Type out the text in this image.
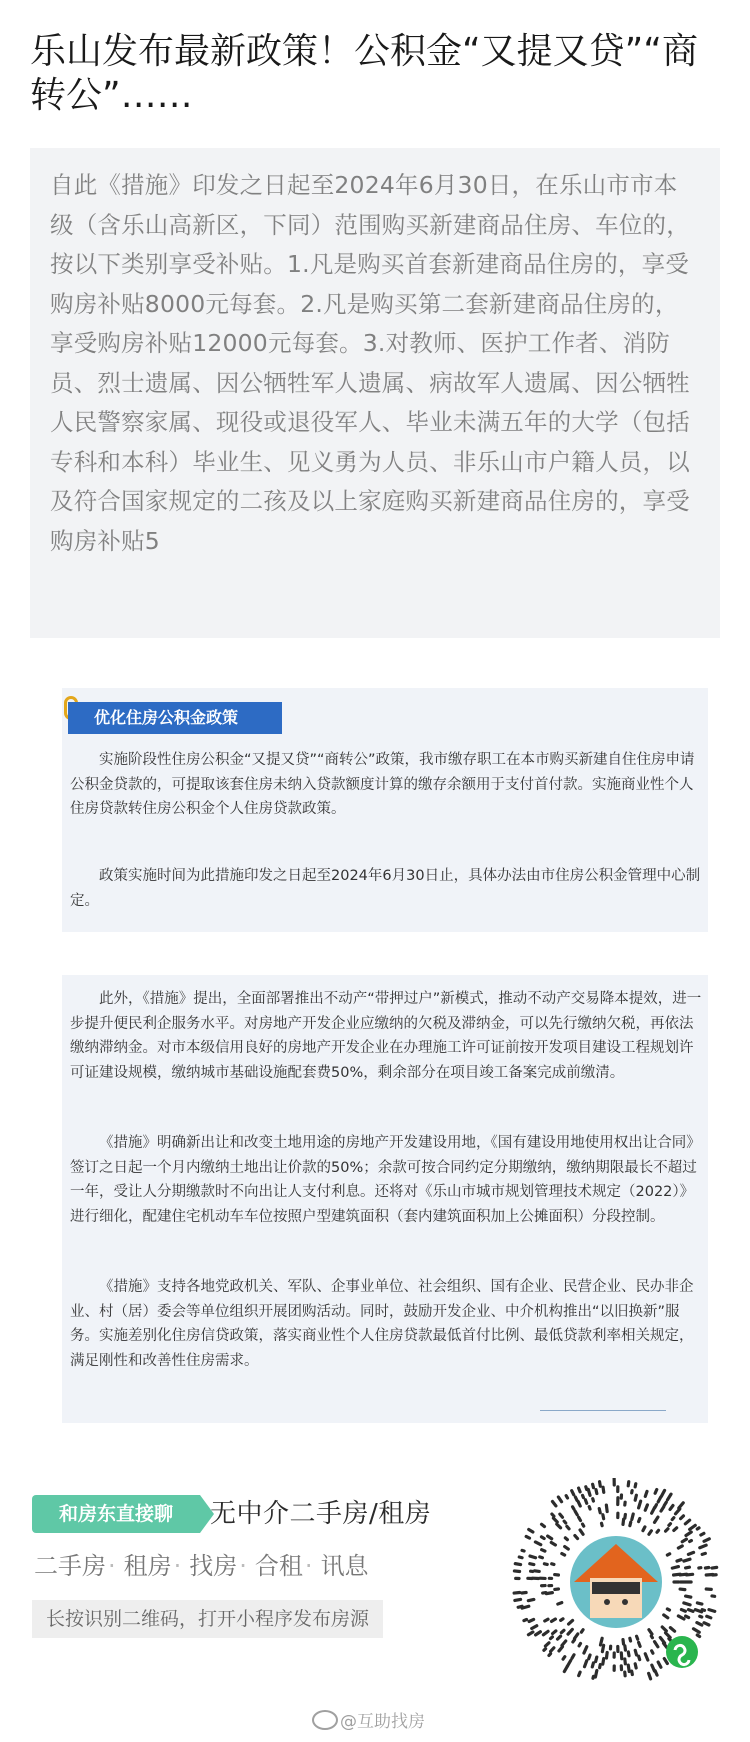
乐山发布最新政策！公积金“又提又贷”“商转公”……

自此《措施》印发之日起至2024年6月30日，在乐山市市本级（含乐山高新区，下同）范围购买新建商品住房、车位的，按以下类别享受补贴。1.凡是购买首套新建商品住房的，享受购房补贴8000元每套。2.凡是购买第二套新建商品住房的，享受购房补贴12000元每套。3.对教师、医护工作者、消防员、烈士遗属、因公牺牲军人遗属、病故军人遗属、因公牺牲人民警察家属、现役或退役军人、毕业未满五年的大学（包括专科和本科）毕业生、见义勇为人员、非乐山市户籍人员，以及符合国家规定的二孩及以上家庭购买新建商品住房的，享受购房补贴5

优化住房公积金政策

实施阶段性住房公积金“又提又贷”“商转公”政策，我市缴存职工在本市购买新建自住住房申请公积金贷款的，可提取该套住房未纳入贷款额度计算的缴存余额用于支付首付款。实施商业性个人住房贷款转住房公积金个人住房贷款政策。

政策实施时间为此措施印发之日起至2024年6月30日止，具体办法由市住房公积金管理中心制定。

此外，《措施》提出，全面部署推出不动产“带押过户”新模式，推动不动产交易降本提效，进一步提升便民利企服务水平。对房地产开发企业应缴纳的欠税及滞纳金，可以先行缴纳欠税，再依法缴纳滞纳金。对市本级信用良好的房地产开发企业在办理施工许可证前按开发项目建设工程规划许可证建设规模，缴纳城市基础设施配套费50%，剩余部分在项目竣工备案完成前缴清。

《措施》明确新出让和改变土地用途的房地产开发建设用地，《国有建设用地使用权出让合同》签订之日起一个月内缴纳土地出让价款的50%；余款可按合同约定分期缴纳，缴纳期限最长不超过一年，受让人分期缴款时不向出让人支付利息。还将对《乐山市城市规划管理技术规定（2022）》进行细化，配建住宅机动车车位按照户型建筑面积（套内建筑面积加上公摊面积）分段控制。

《措施》支持各地党政机关、军队、企事业单位、社会组织、国有企业、民营企业、民办非企业、村（居）委会等单位组织开展团购活动。同时，鼓励开发企业、中介机构推出“以旧换新”服务。实施差别化住房信贷政策，落实商业性个人住房贷款最低首付比例、最低贷款利率相关规定，满足刚性和改善性住房需求。

和房东直接聊	无中介二手房/租房
二手房 · 租房 · 找房 · 合租 · 讯息
长按识别二维码，打开小程序发布房源
@互助找房
